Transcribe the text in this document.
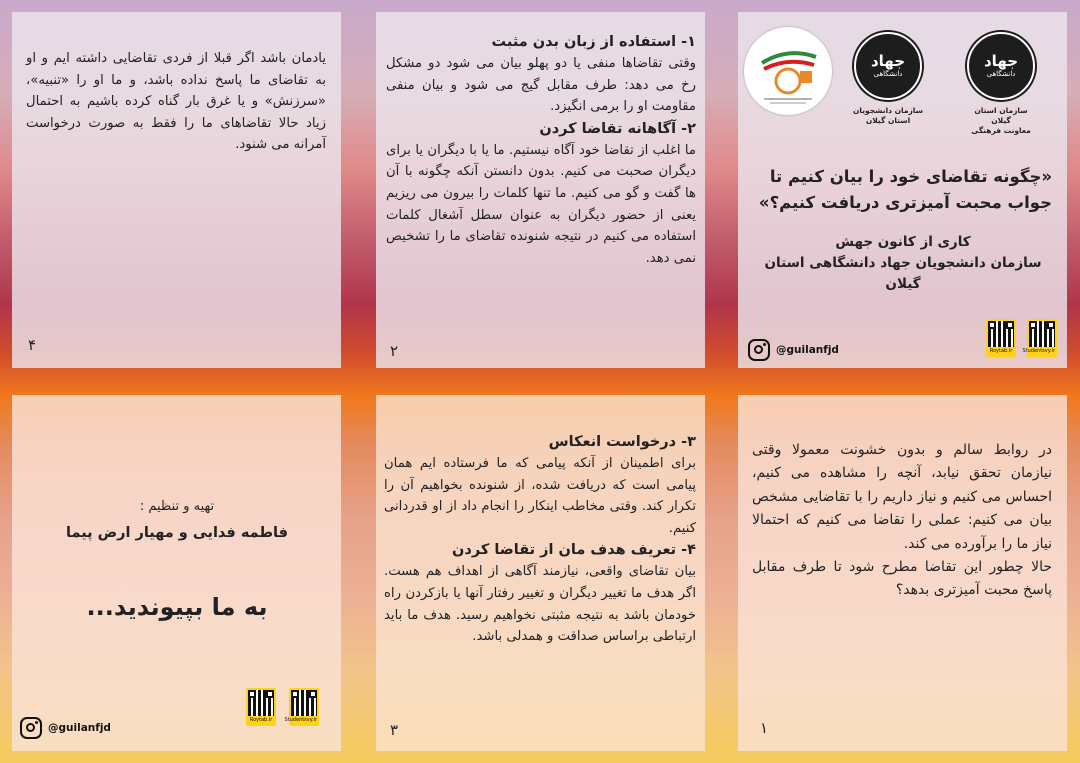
یادمان باشد اگر قبلا از فردی تقاضایی داشته ایم و او به تقاضای ما پاسخ نداده باشد، و ما او را «تنبیه»، «سرزنش» و یا غرق بار گناه کرده باشیم به احتمال زیاد حالا تقاضاهای ما را فقط به صورت درخواست آمرانه می شنود.
۴
۱- استفاده از زبان بدن مثبت
وقتی تقاضاها منفی یا دو پهلو بیان می شود دو مشکل رخ می دهد: طرف مقابل گیج می شود و بیان منفی مقاومت او را برمی انگیزد.
۲- آگاهانه تقاضا کردن
ما اغلب از تقاضا خود آگاه نیستیم. ما یا با دیگران یا برای دیگران صحبت می کنیم. بدون دانستن آنکه چگونه با آن ها گفت و گو می کنیم. ما تنها کلمات را بیرون می ریزیم یعنی از حضور دیگران به عنوان سطل آشغال کلمات استفاده می کنیم در نتیجه شنونده تقاضای ما را تشخیص نمی دهد.
۲
جهاد
دانشگاهی
سازمان دانشجویان
استان گیلان
جهاد
دانشگاهی
سازمان استان گیلان
معاونت فرهنگی
«چگونه تقاضای خود را بیان کنیم تا جواب محبت آمیزتری دریافت کنیم؟»
کاری از کانون جهش
سازمان دانشجویان جهاد دانشگاهی استان گیلان
@guilanfjd	Roytab.ir	Studentsvy.ir
تهیه و تنظیم :
فاطمه فدایی و مهیار ارض پیما
به ما بپیوندید...
@guilanfjd
Roytab.ir	Studentsvy.ir
۳- درخواست انعکاس
برای اطمینان از آنکه پیامی که ما فرستاده ایم همان پیامی است که دریافت شده، از شنونده بخواهیم آن را تکرار کند. وقتی مخاطب اینکار را انجام داد از او قدردانی کنیم.
۴- تعریف هدف مان از تقاضا کردن
بیان تقاضای واقعی، نیازمند آگاهی از اهداف هم هست. اگر هدف ما تغییر دیگران و تغییر رفتار آنها یا بازکردن راه خودمان باشد به نتیجه مثبتی نخواهیم رسید. هدف ما باید ارتباطی براساس صداقت و همدلی باشد.
۳
در روابط سالم و بدون خشونت معمولا وقتی نیازمان تحقق نیابد، آنچه را مشاهده می کنیم، احساس می کنیم و نیاز داریم را با تقاضایی مشخص بیان می کنیم: عملی را تقاضا می کنیم که احتمالا نیاز ما را برآورده می کند.
حالا چطور این تقاضا مطرح شود تا طرف مقابل پاسخ محبت آمیزتری بدهد؟
۱
